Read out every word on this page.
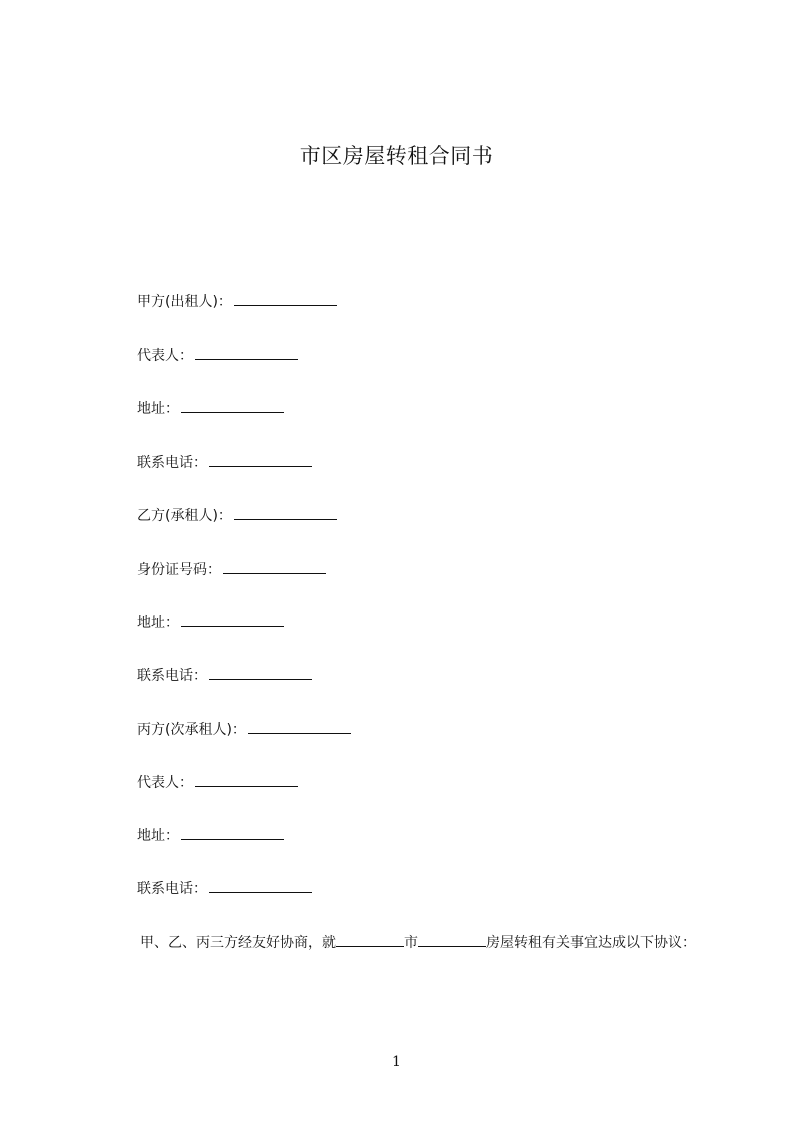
市区房屋转租合同书
甲方(出租人)：
代表人：
地址：
联系电话：
乙方(承租人)：
身份证号码：
地址：
联系电话：
丙方(次承租人)：
代表人：
地址：
联系电话：
甲、乙、丙三方经友好协商，就	市	房屋转租有关事宜达成以下协议：
1
